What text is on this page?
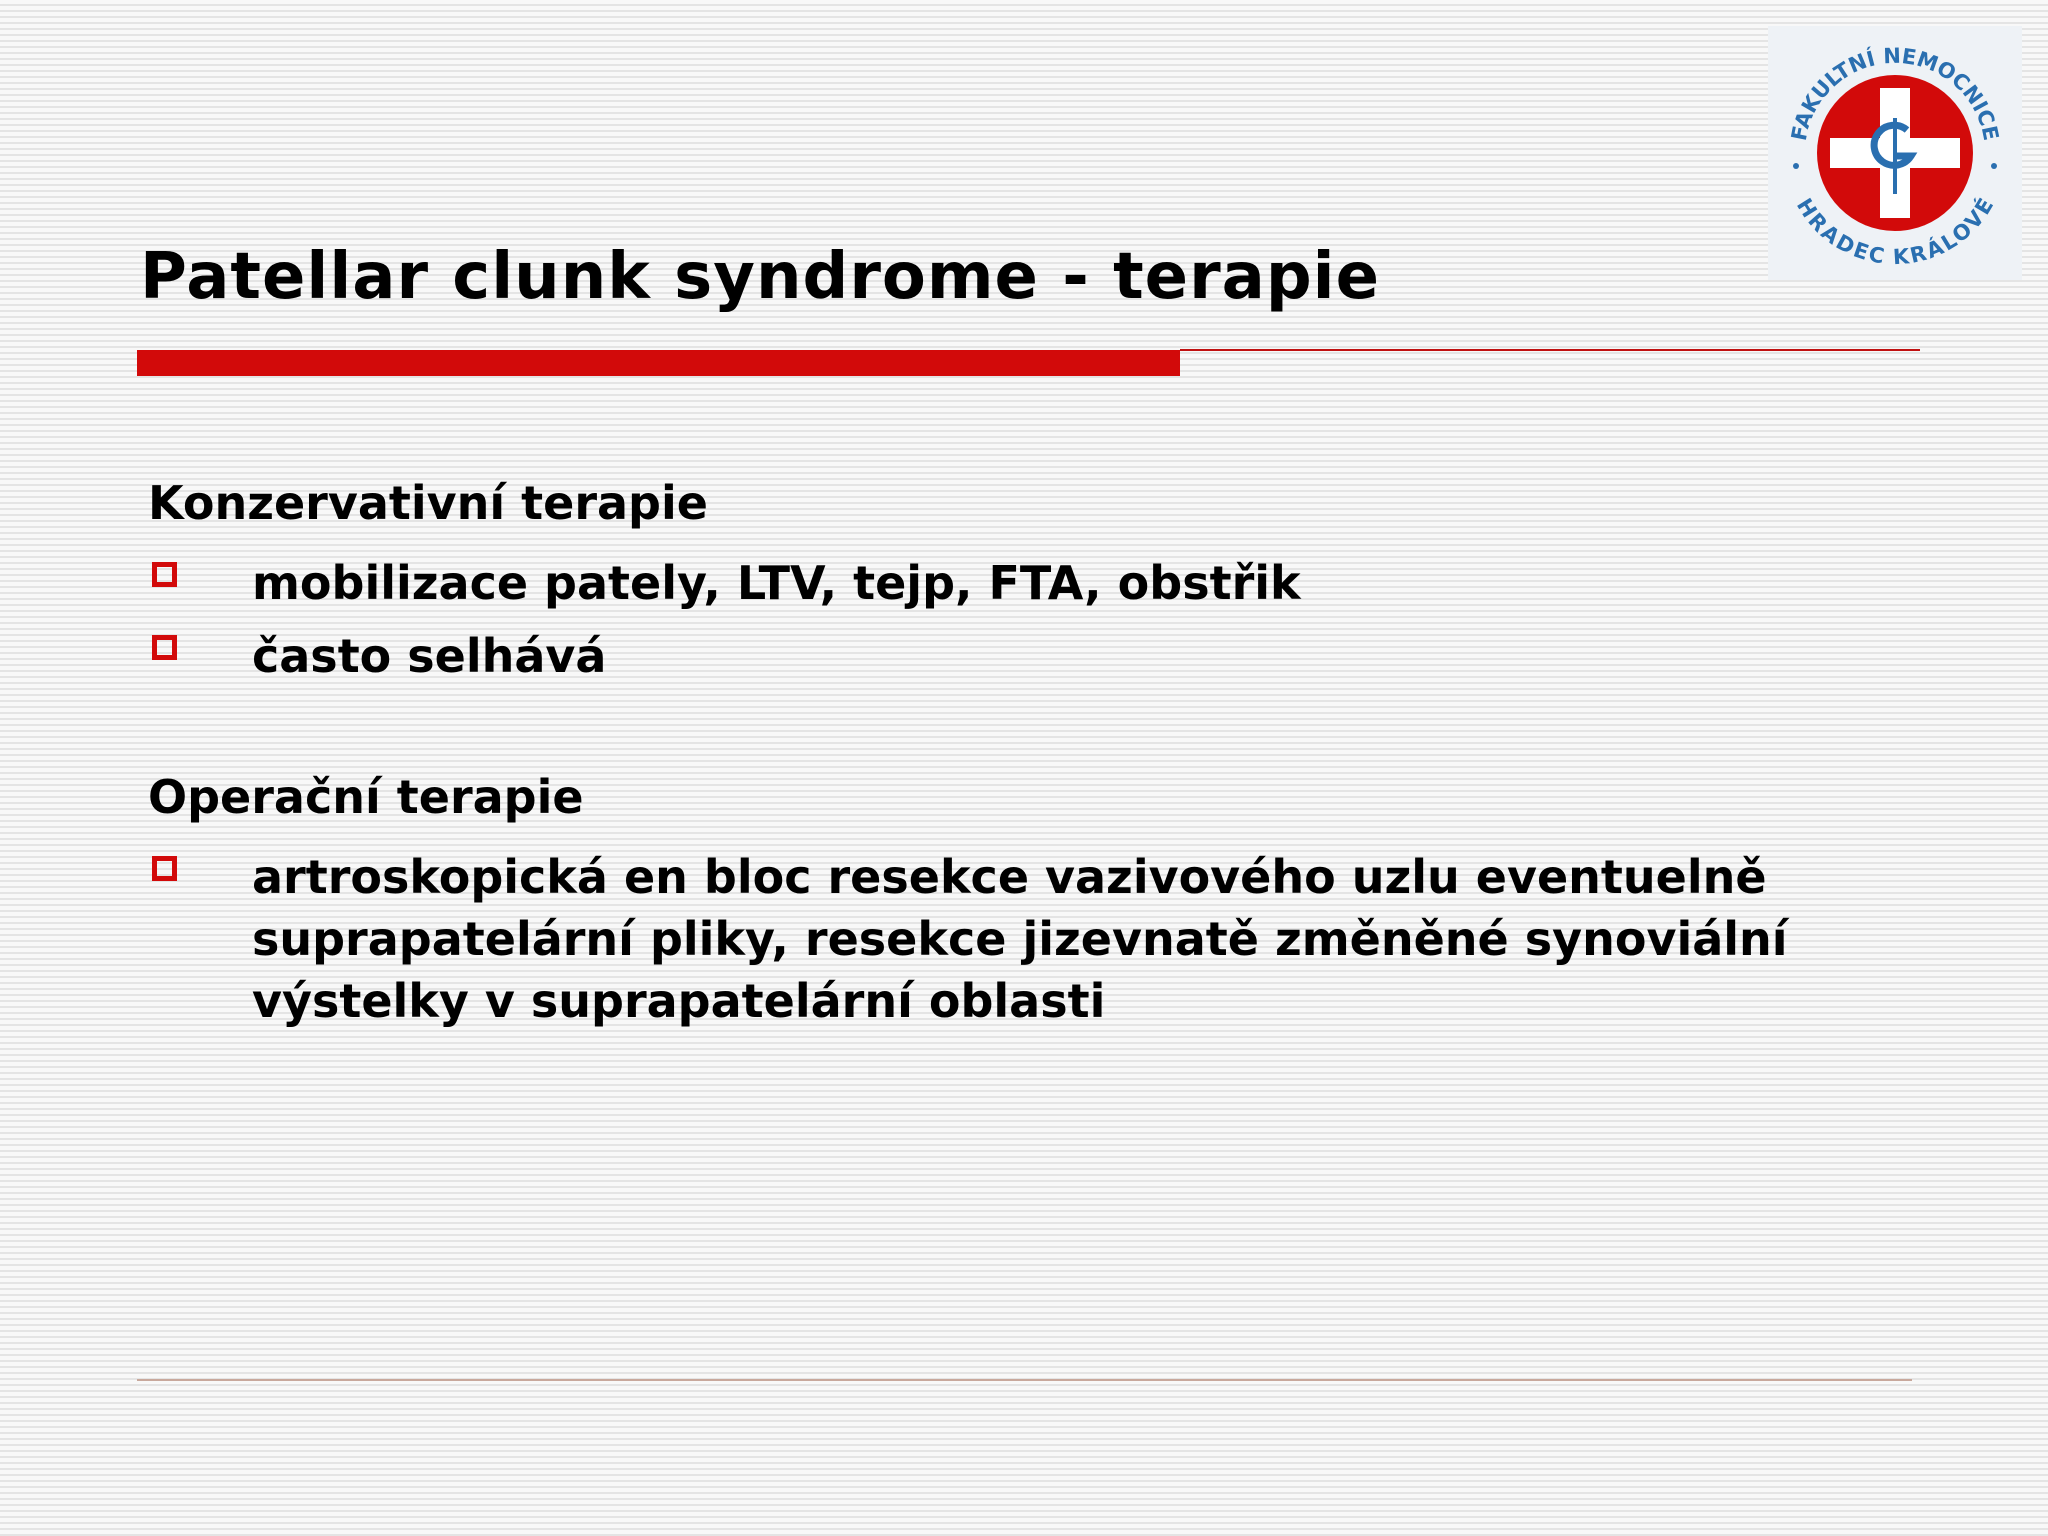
FAKULTNÍ NEMOCNICE
HRADEC KRÁLOVÉ
Patellar clunk syndrome - terapie
Konzervativní terapie
mobilizace pately, LTV, tejp, FTA, obstřik
často selhává
Operační terapie
artroskopická en bloc resekce vazivového uzlu eventuelně suprapatelární pliky, resekce jizevnatě změněné synoviální výstelky v suprapatelární oblasti
